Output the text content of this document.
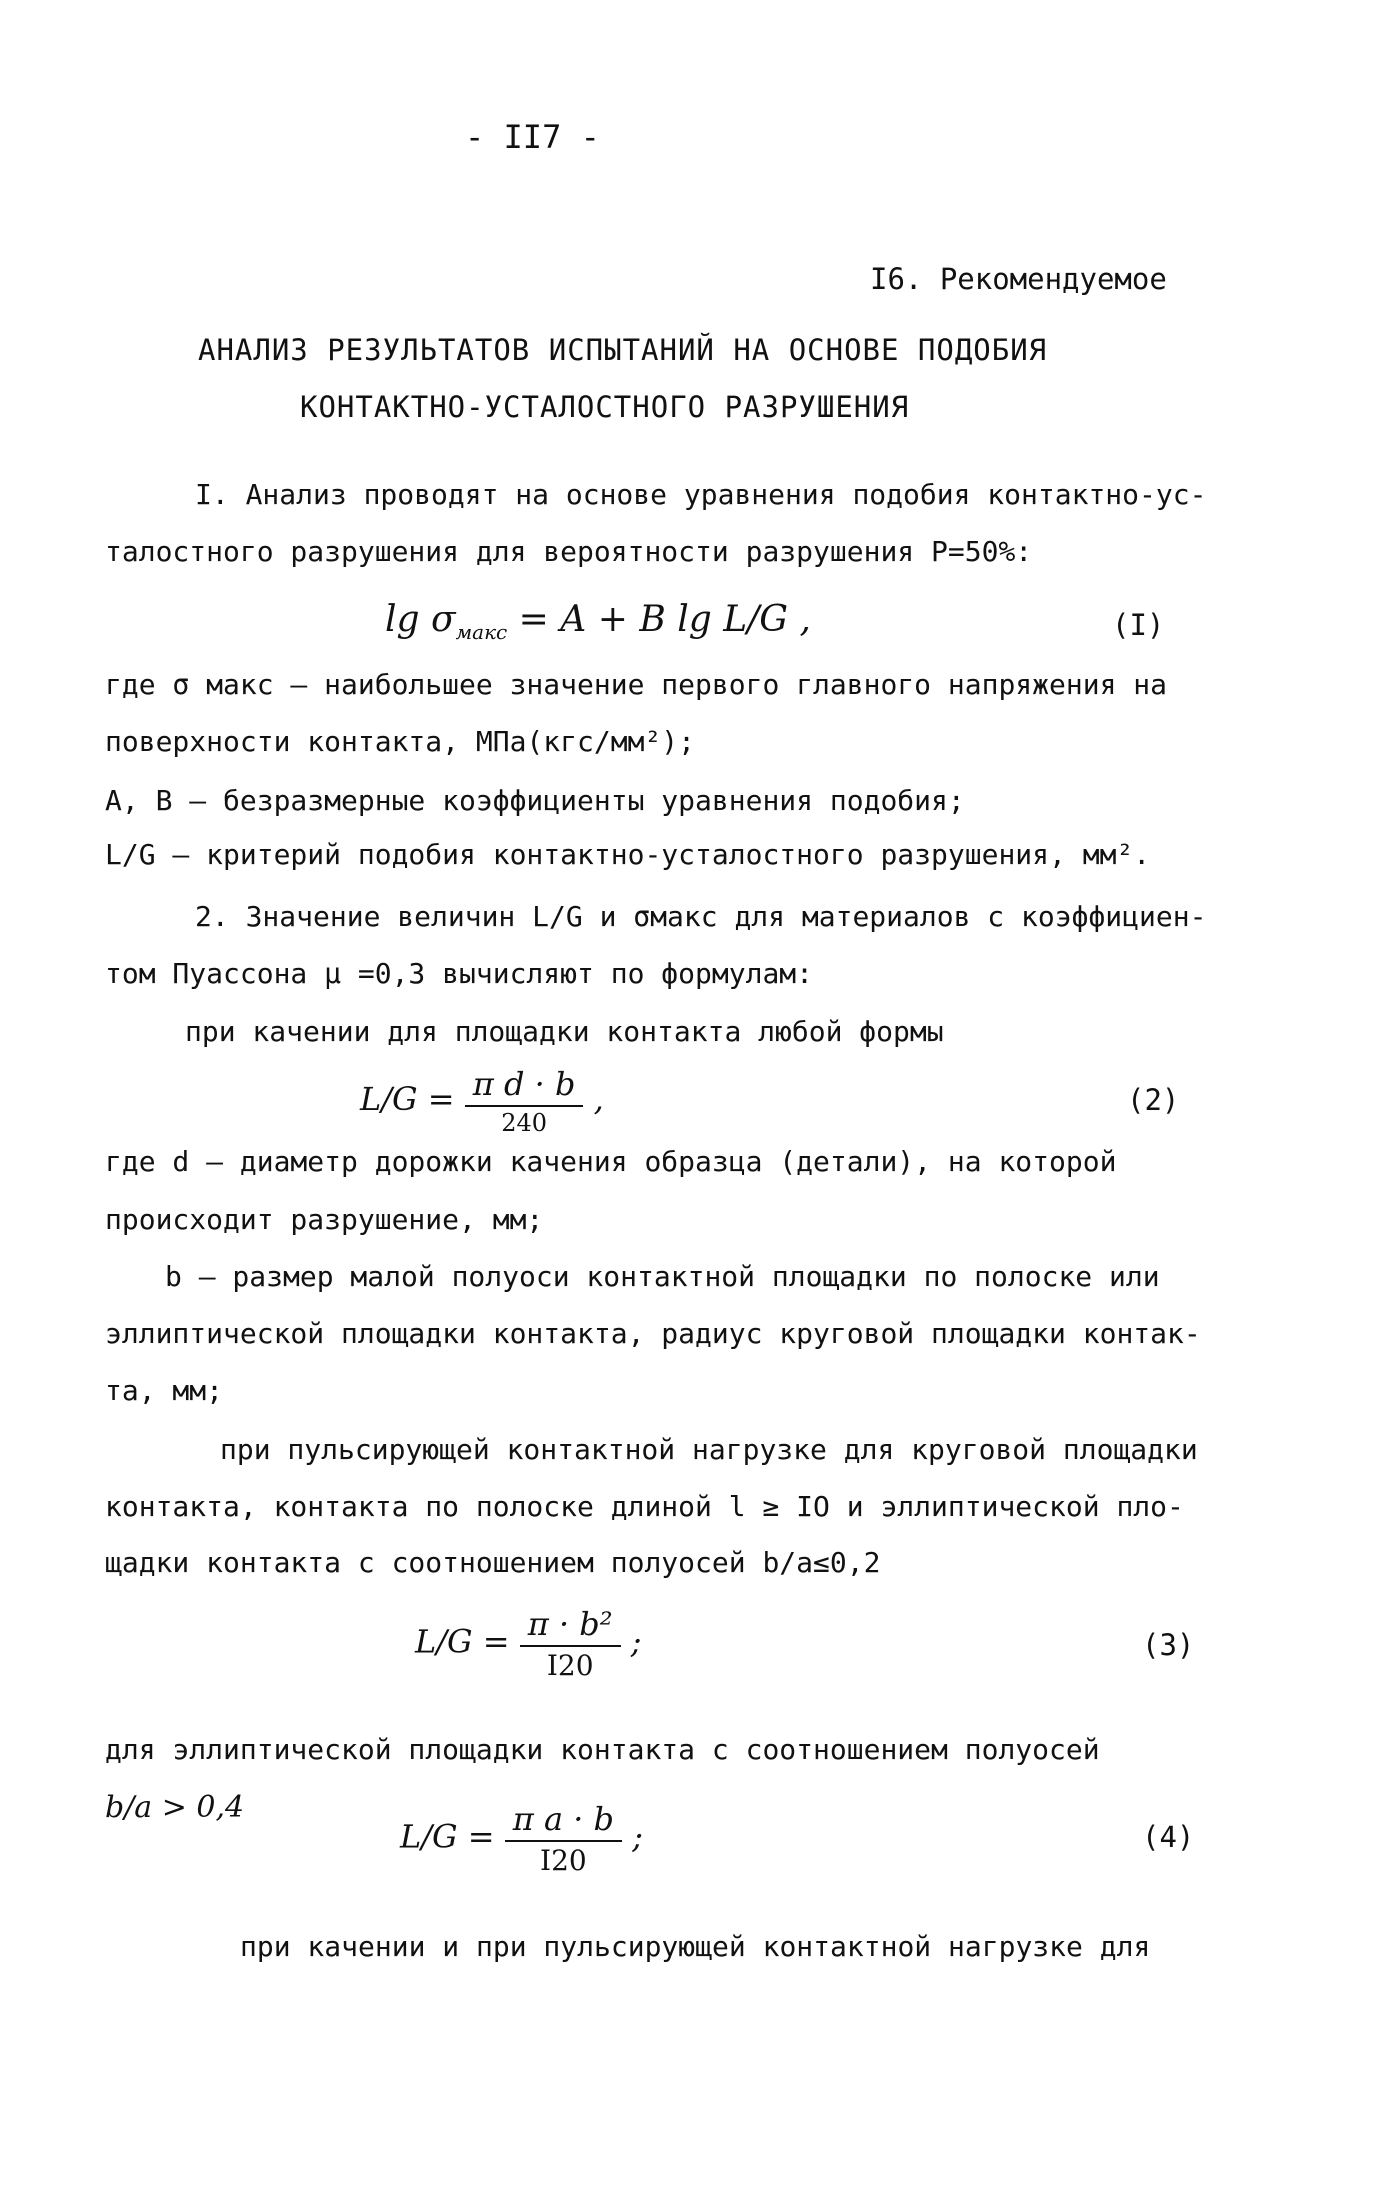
- II7 -
I6. Рекомендуемое
АНАЛИЗ РЕЗУЛЬТАТОВ ИСПЫТАНИЙ НА ОСНОВЕ ПОДОБИЯ
КОНТАКТНО-УСТАЛОСТНОГО РАЗРУШЕНИЯ
I. Анализ проводят на основе уравнения подобия контактно-ус-
талостного разрушения для вероятности разрушения P=50%:
$\lg \sigma_{макс} = A + B$ lg L/G ,	(I)
где σ макс – наибольшее значение первого главного напряжения на
поверхности контакта, МПа(кгс/мм²);
A, B – безразмерные коэффициенты уравнения подобия;
L/G – критерий подобия контактно-усталостного разрушения, мм².
2. Значение величин L/G и σмакс для материалов с коэффициен-
том Пуассона μ =0,3 вычисляют по формулам:
при качении для площадки контакта любой формы
$L/G = \frac{\text{π d · b}}{240}$ ,	(2)
где d – диаметр дорожки качения образца (детали), на которой
происходит разрушение, мм;
b – размер малой полуоси контактной площадки по полоске или
эллиптической площадки контакта, радиус круговой площадки контак-
та, мм;
при пульсирующей контактной нагрузке для круговой площадки
контакта, контакта по полоске длиной l ≥ IO и эллиптической пло-
щадки контакта с соотношением полуосей b/a≤0,2
$L/G = \frac{\text{π · b²}}{I20}$ ;	(3)
для эллиптической площадки контакта с соотношением полуосей
b/a > 0,4
$L/G = \frac{\text{π a · b}}{I20}$ ;	(4)
при качении и при пульсирующей контактной нагрузке для
